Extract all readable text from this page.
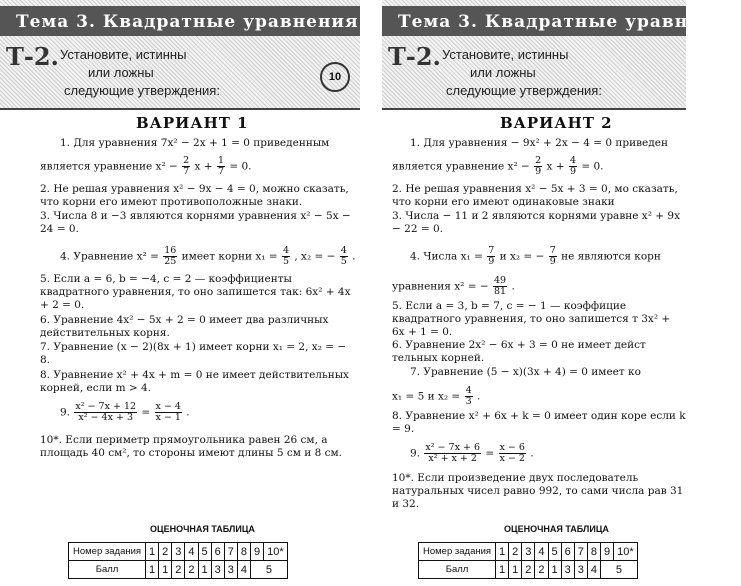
Тема 3. Квадратные уравнения
Т-2. Установите, истинны
или ложны
следующие утверждения:
10
ВАРИАНТ 1
1. Для уравнения 7x² − 2x + 1 = 0 приведенным
является уравнение $x^2 - \frac{2}{7}$ $x + \frac{1}{7} = 0$.
2. Не решая уравнения x² − 9x − 4 = 0, можно сказать, что корни его имеют противоположные знаки.
3. Числа 8 и −3 являются корнями уравнения x² − 5x − 24 = 0.
4. Уравнение $x^2 = \frac{16}{25}$ имеет корни $x_1 = \frac{4}{5}$ , x₂ = − $\frac{4}{5}$ .
5. Если a = 6, b = −4, c = 2 — коэффициенты квадратного уравнения, то оно запишется так: 6x² + 4x + 2 = 0.
6. Уравнение 4x² − 5x + 2 = 0 имеет два различных действительных корня.
7. Уравнение (x − 2)(8x + 1) имеет корни x₁ = 2, x₂ = − 8.
8. Уравнение x² + 4x + m = 0 не имеет действительных корней, если m > 4.
9. $\frac{\text{x² − 7x + 12}}{\text{x² − 4x + 3}} = \frac{x - 4}{x - 1}$ .
10*. Если периметр прямоугольника равен 26 см, а площадь 40 см², то стороны имеют длины 5 см и 8 см.
ОЦЕНОЧНАЯ ТАБЛИЦА
Номер задания	1	2	3	4	5	6	7	8	9	10*
Балл	1	1	2	2	1	3	3	4	5	
Тема 3. Квадратные уравнения
Т-2. Установите, истинны
или ложны
следующие утверждения:
ВАРИАНТ 2
1. Для уравнения − 9x² + 2x − 4 = 0 приведен
является уравнение $x^2 - \frac{2}{9}$ $x + \frac{4}{9} = 0$.
2. Не решая уравнения x² − 5x + 3 = 0, мо сказать, что корни его имеют одинаковые знаки
3. Числа − 11 и 2 являются корнями уравне x² + 9x − 22 = 0.
4. Числа $x_1 = \frac{7}{9}$ и x₂ = − $\frac{7}{9}$ не являются корн
уравнения x² = − $\frac{49}{81}$ .
5. Если a = 3, b = 7, c = − 1 — коэффицие квадратного уравнения, то оно запишется т 3x² + 6x + 1 = 0.
6. Уравнение 2x² − 6x + 3 = 0 не имеет дейст тельных корней.
7. Уравнение (5 − x)(3x + 4) = 0 имеет ко
x₁ = 5 и $x_2 = \frac{4}{3}$ .
8. Уравнение x² + 6x + k = 0 имеет один коре если k = 9.
9. $\frac{\text{x² − 7x + 6}}{\text{x² + x + 2}} = \frac{x - 6}{x - 2}$ .
10*. Если произведение двух последователь натуральных чисел равно 992, то сами числа рав 31 и 32.
ОЦЕНОЧНАЯ ТАБЛИЦА
Номер задания	1	2	3	4	5	6	7	8	9	10*
Балл	1	1	2	2	1	3	3	4	5	
